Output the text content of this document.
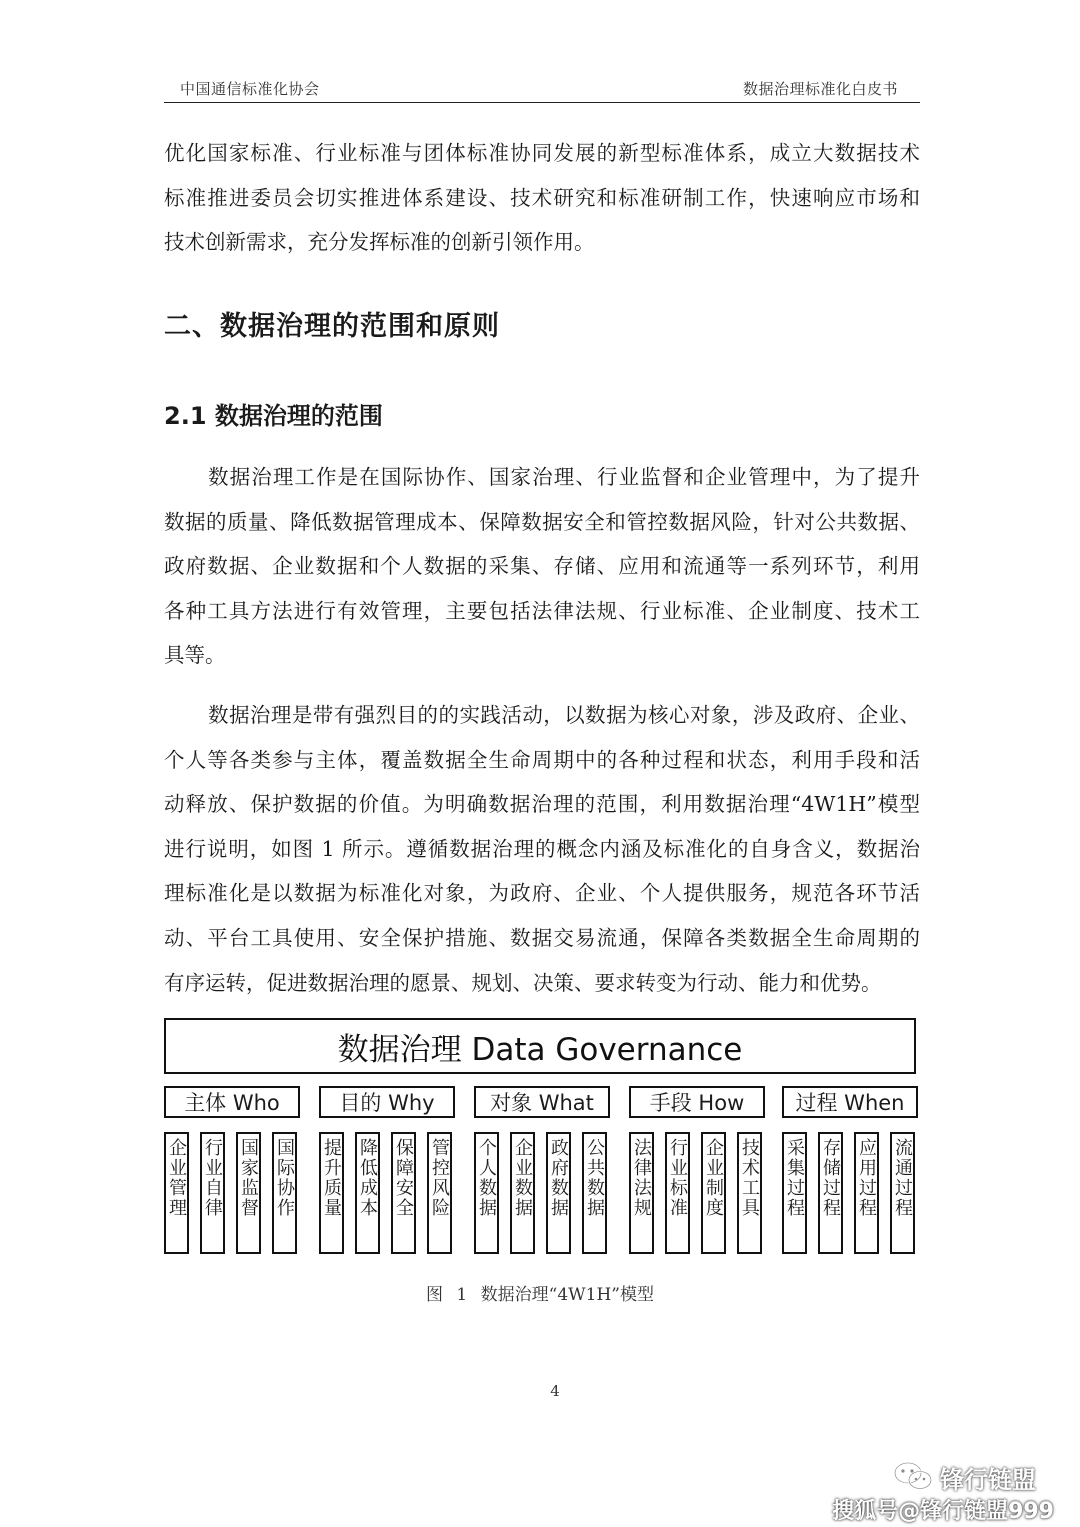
中国通信标准化协会	数据治理标准化白皮书
优化国家标准、行业标准与团体标准协同发展的新型标准体系，成立大数据技术
标准推进委员会切实推进体系建设、技术研究和标准研制工作，快速响应市场和
技术创新需求，充分发挥标准的创新引领作用。
二、数据治理的范围和原则
2.1 数据治理的范围
数据治理工作是在国际协作、国家治理、行业监督和企业管理中，为了提升
数据的质量、降低数据管理成本、保障数据安全和管控数据风险，针对公共数据、
政府数据、企业数据和个人数据的采集、存储、应用和流通等一系列环节，利用
各种工具方法进行有效管理，主要包括法律法规、行业标准、企业制度、技术工
具等。
数据治理是带有强烈目的的实践活动，以数据为核心对象，涉及政府、企业、
个人等各类参与主体，覆盖数据全生命周期中的各种过程和状态，利用手段和活
动释放、保护数据的价值。为明确数据治理的范围，利用数据治理“4W1H”模型
进行说明，如图 1 所示。遵循数据治理的概念内涵及标准化的自身含义，数据治
理标准化是以数据为标准化对象，为政府、企业、个人提供服务，规范各环节活
动、平台工具使用、安全保护措施、数据交易流通，保障各类数据全生命周期的
有序运转，促进数据治理的愿景、规划、决策、要求转变为行动、能力和优势。
数据治理 Data Governance
主体 Who
企业管理 行业自律 国家监督 国际协作
目的 Why
提升质量 降低成本 保障安全 管控风险
对象 What
个人数据 企业数据 政府数据 公共数据
手段 How
法律法规 行业标准 企业制度 技术工具
过程 When
采集过程 存储过程 应用过程 流通过程
图 1 数据治理“4W1H”模型
4
锋行链盟
搜狐号@锋行链盟999
